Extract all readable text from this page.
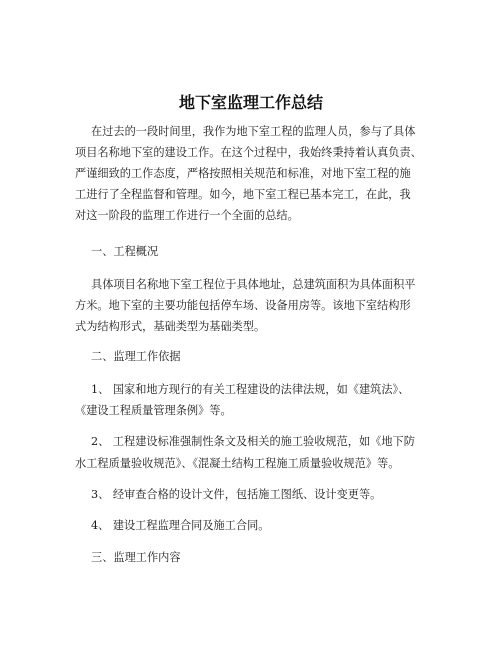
地下室监理工作总结

在过去的一段时间里，我作为地下室工程的监理人员，参与了具体

项目名称地下室的建设工作。在这个过程中，我始终秉持着认真负责、

严谨细致的工作态度，严格按照相关规范和标准，对地下室工程的施

工进行了全程监督和管理。如今，地下室工程已基本完工，在此，我

对这一阶段的监理工作进行一个全面的总结。

一、工程概况

具体项目名称地下室工程位于具体地址，总建筑面积为具体面积平

方米。地下室的主要功能包括停车场、设备用房等。该地下室结构形

式为结构形式，基础类型为基础类型。

二、监理工作依据

1、 国家和地方现行的有关工程建设的法律法规，如《建筑法》、

《建设工程质量管理条例》等。

2、 工程建设标准强制性条文及相关的施工验收规范，如《地下防

水工程质量验收规范》、《混凝土结构工程施工质量验收规范》等。

3、 经审查合格的设计文件，包括施工图纸、设计变更等。

4、 建设工程监理合同及施工合同。

三、监理工作内容
